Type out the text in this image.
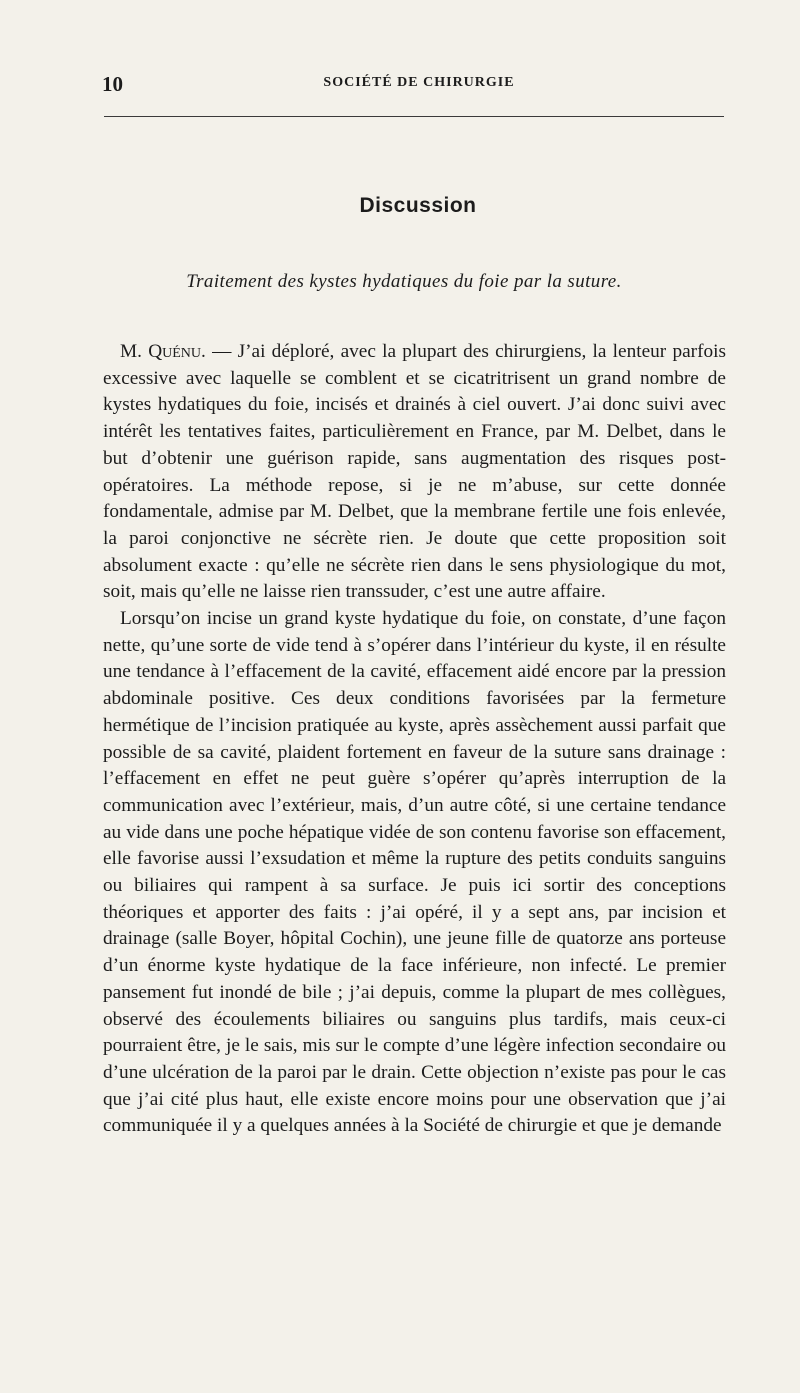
10	SOCIÉTÉ DE CHIRURGIE
Discussion
Traitement des kystes hydatiques du foie par la suture.

M. Quénu. — J’ai déploré, avec la plupart des chirurgiens, la lenteur parfois excessive avec laquelle se comblent et se cicatritrisent un grand nombre de kystes hydatiques du foie, incisés et drainés à ciel ouvert. J’ai donc suivi avec intérêt les tentatives faites, particulièrement en France, par M. Delbet, dans le but d’obtenir une guérison rapide, sans augmentation des risques post-opératoires. La méthode repose, si je ne m’abuse, sur cette donnée fondamentale, admise par M. Delbet, que la membrane fertile une fois enlevée, la paroi conjonctive ne sécrète rien. Je doute que cette proposition soit absolument exacte : qu’elle ne sécrète rien dans le sens physiologique du mot, soit, mais qu’elle ne laisse rien transsuder, c’est une autre affaire.

Lorsqu’on incise un grand kyste hydatique du foie, on constate, d’une façon nette, qu’une sorte de vide tend à s’opérer dans l’intérieur du kyste, il en résulte une tendance à l’effacement de la cavité, effacement aidé encore par la pression abdominale positive. Ces deux conditions favorisées par la fermeture hermétique de l’incision pratiquée au kyste, après assèchement aussi parfait que possible de sa cavité, plaident fortement en faveur de la suture sans drainage : l’effacement en effet ne peut guère s’opérer qu’après interruption de la communication avec l’extérieur, mais, d’un autre côté, si une certaine tendance au vide dans une poche hépatique vidée de son contenu favorise son effacement, elle favorise aussi l’exsudation et même la rupture des petits conduits sanguins ou biliaires qui rampent à sa surface. Je puis ici sortir des conceptions théoriques et apporter des faits : j’ai opéré, il y a sept ans, par incision et drainage (salle Boyer, hôpital Cochin), une jeune fille de quatorze ans porteuse d’un énorme kyste hydatique de la face inférieure, non infecté. Le premier pansement fut inondé de bile ; j’ai depuis, comme la plupart de mes collègues, observé des écoulements biliaires ou sanguins plus tardifs, mais ceux-ci pourraient être, je le sais, mis sur le compte d’une légère infection secondaire ou d’une ulcération de la paroi par le drain. Cette objection n’existe pas pour le cas que j’ai cité plus haut, elle existe encore moins pour une observation que j’ai communiquée il y a quelques années à la Société de chirurgie et que je demande
